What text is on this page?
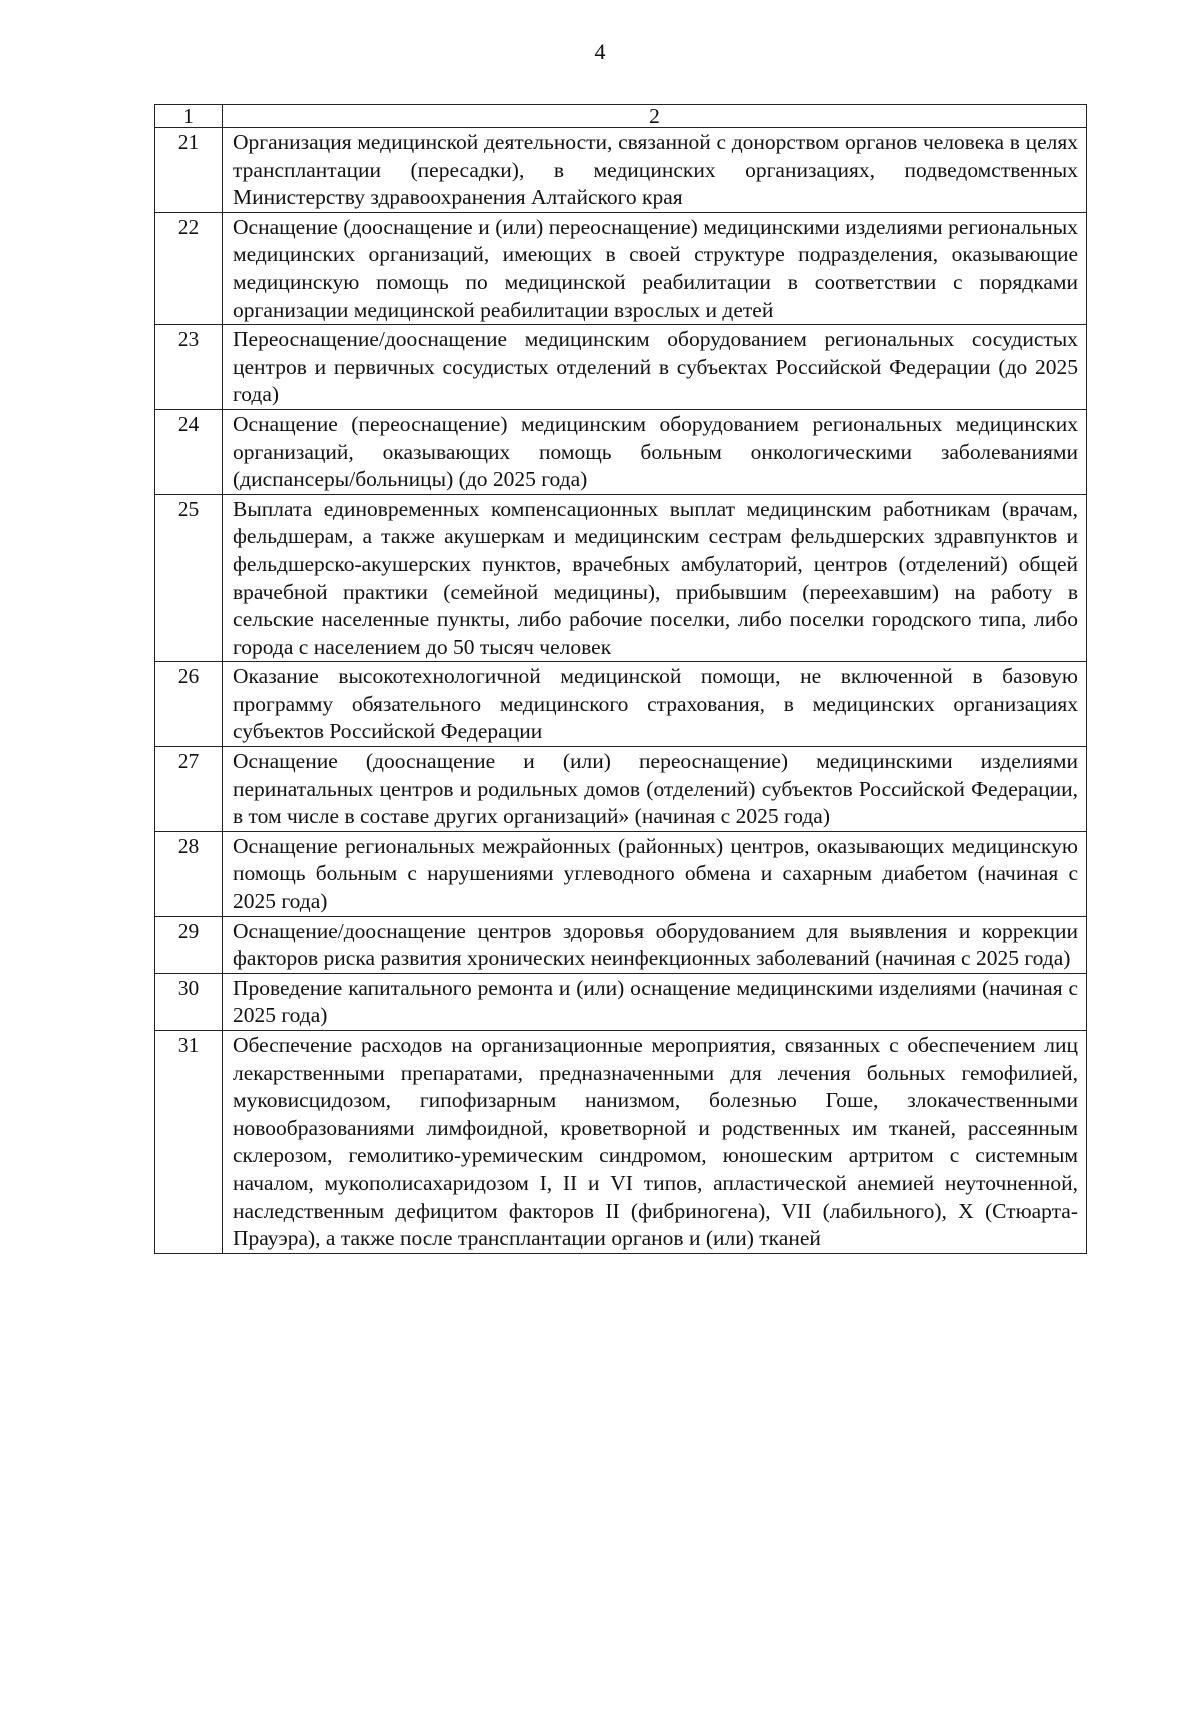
4
1	2
21	Организация медицинской деятельности, связанной с донорством органов человека в целях трансплантации (пересадки), в медицинских организациях, подведомственных Министерству здравоохранения Алтайского края
22	Оснащение (дооснащение и (или) переоснащение) медицинскими изделиями региональных медицинских организаций, имеющих в своей структуре подразделения, оказывающие медицинскую помощь по медицинской реабилитации в соответствии с порядками организации медицинской реабилитации взрослых и детей
23	Переоснащение/дооснащение медицинским оборудованием региональных сосудистых центров и первичных сосудистых отделений в субъектах Российской Федерации (до 2025 года)
24	Оснащение (переоснащение) медицинским оборудованием региональных медицинских организаций, оказывающих помощь больным онкологическими заболеваниями (диспансеры/больницы) (до 2025 года)
25	Выплата единовременных компенсационных выплат медицинским работникам (врачам, фельдшерам, а также акушеркам и медицинским сестрам фельдшерских здравпунктов и фельдшерско-акушерских пунктов, врачебных амбулаторий, центров (отделений) общей врачебной практики (семейной медицины), прибывшим (переехавшим) на работу в сельские населенные пункты, либо рабочие поселки, либо поселки городского типа, либо города с населением до 50 тысяч человек
26	Оказание высокотехнологичной медицинской помощи, не включенной в базовую программу обязательного медицинского страхования, в медицинских организациях субъектов Российской Федерации
27	Оснащение (дооснащение и (или) переоснащение) медицинскими изделиями перинатальных центров и родильных домов (отделений) субъектов Российской Федерации, в том числе в составе других организаций» (начиная с 2025 года)
28	Оснащение региональных межрайонных (районных) центров, оказывающих медицинскую помощь больным с нарушениями углеводного обмена и сахарным диабетом (начиная с 2025 года)
29	Оснащение/дооснащение центров здоровья оборудованием для выявления и коррекции факторов риска развития хронических неинфекционных заболеваний (начиная с 2025 года)
30	Проведение капитального ремонта и (или) оснащение медицинскими изделиями (начиная с 2025 года)
31	Обеспечение расходов на организационные мероприятия, связанных с обеспечением лиц лекарственными препаратами, предназначенными для лечения больных гемофилией, муковисцидозом, гипофизарным нанизмом, болезнью Гоше, злокачественными новообразованиями лимфоидной, кроветворной и родственных им тканей, рассеянным склерозом, гемолитико-уремическим синдромом, юношеским артритом с системным началом, мукополисахаридозом I, II и VI типов, апластической анемией неуточненной, наследственным дефицитом факторов II (фибриногена), VII (лабильного), X (Стюарта-Прауэра), а также после трансплантации органов и (или) тканей
